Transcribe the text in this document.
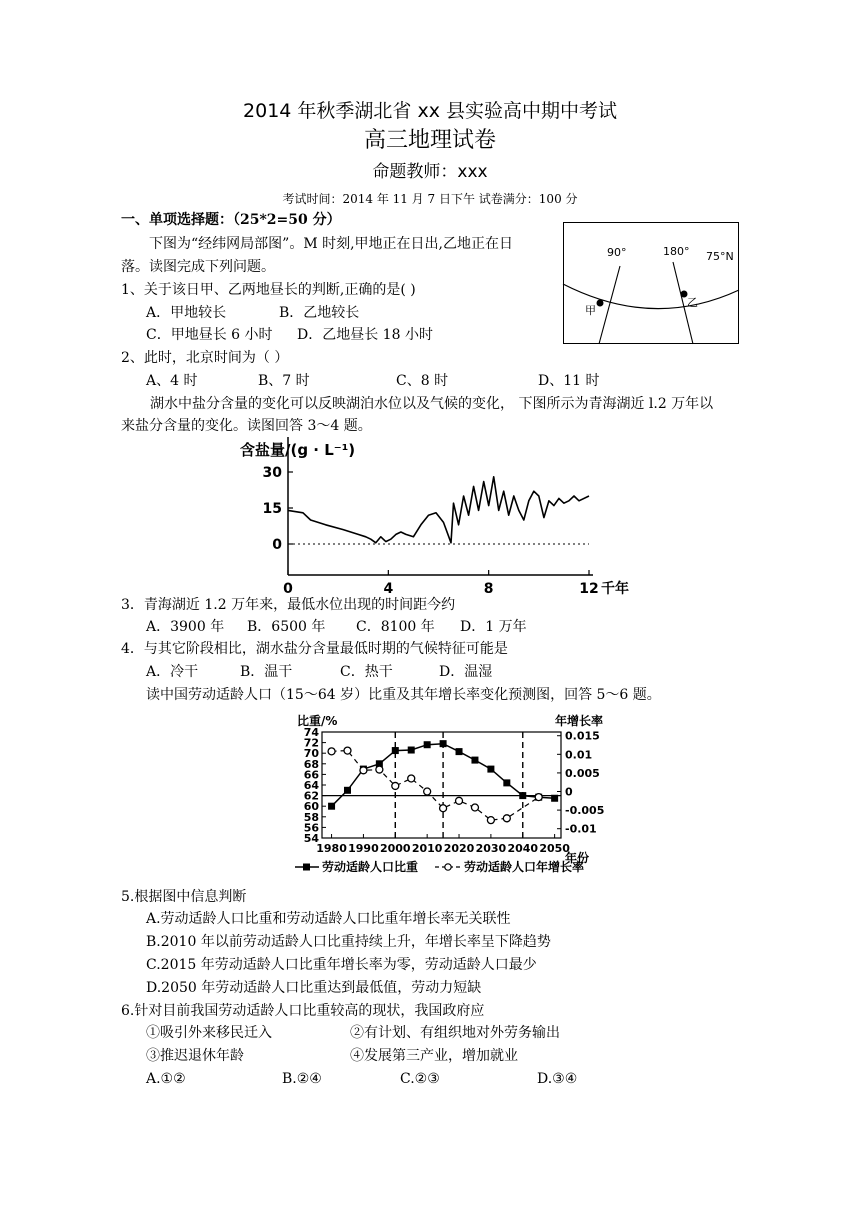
2014 年秋季湖北省 xx 县实验高中期中考试
高三地理试卷
命题教师：xxx
考试时间：2014 年 11 月 7 日下午 试卷满分：100 分
一、单项选择题：（25*2=50 分）
下图为“经纬网局部图”。M 时刻,甲地正在日出,乙地正在日
落。读图完成下列问题。
90°	180° 75°N
甲
乙
1、关于该日甲、乙两地昼长的判断,正确的是( )
A．甲地较长	B．乙地较长
C．甲地昼长 6 小时 D．乙地昼长 18 小时
2、此时，北京时间为（ ）
A、4 时	B、7 时	C、8 时	D、11 时
湖水中盐分含量的变化可以反映湖泊水位以及气候的变化， 下图所示为青海湖近 l.2 万年以
来盐分含量的变化。读图回答 3～4 题。
30
15
0
0	4	8	12 千年
含盐量/(g · L⁻¹)
3．青海湖近 1.2 万年来，最低水位出现的时间距今约
A．3900 年 B．6500 年 C．8100 年 D．1 万年
4．与其它阶段相比，湖水盐分含量最低时期的气候特征可能是
A．冷干	B．温干	C．热干	D．温湿
读中国劳动适龄人口（15～64 岁）比重及其年增长率变化预测图，回答 5～6 题。
74
72
70
68
66
64
62
60
58
56
54
0.015
0.01
0.005
0
-0.005
-0.01
1980 1990 2000 2010 2020 2030 2040 2050
比重/%	年增长率
年份
劳动适龄人口比重	劳动适龄人口年增长率
5.根据图中信息判断
A.劳动适龄人口比重和劳动适龄人口比重年增长率无关联性
B.2010 年以前劳动适龄人口比重持续上升，年增长率呈下降趋势
C.2015 年劳动适龄人口比重年增长率为零，劳动适龄人口最少
D.2050 年劳动适龄人口比重达到最低值，劳动力短缺
6.针对目前我国劳动适龄人口比重较高的现状，我国政府应
①吸引外来移民迁入	②有计划、有组织地对外劳务输出
③推迟退休年龄	④发展第三产业，增加就业
A.①②	B.②④	C.②③	D.③④
